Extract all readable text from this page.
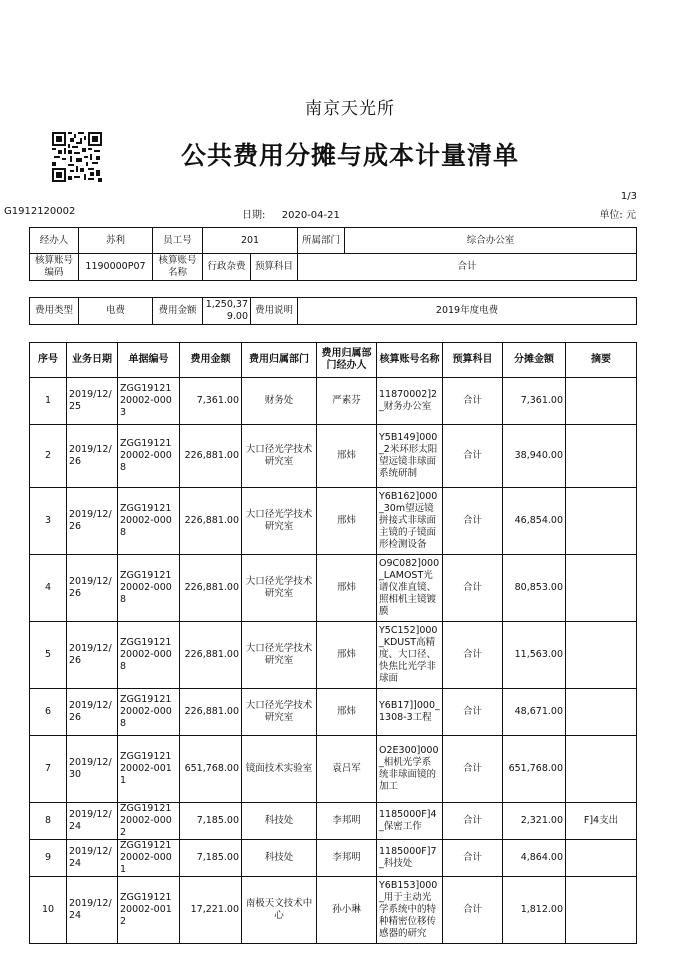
南京天光所
公共费用分摊与成本计量清单
1/3
G1912120002	日期: 2020-04-21	单位: 元
经办人	苏利	员工号	201		所属部门	综合办公室
核算账号编码	1190000P07	核算账号名称	行政杂费	预算科目	合计	
费用类型	电费	费用金额	1,250,379.00	费用说明	2019年度电费
序号	业务日期	单据编号	费用金额	费用归属部门	费用归属部门经办人	核算账号名称	预算科目	分摊金额	摘要
1	2019/12/25	ZGG1912120002-0003	7,361.00	财务处	严素芬	11870002]2_财务办公室	合计	7,361.00	
2	2019/12/26	ZGG1912120002-0008	226,881.00	大口径光学技术研究室	邢炜	Y5B149]000_2米环形太阳望远镜非球面系统研制	合计	38,940.00	
3	2019/12/26	ZGG1912120002-0008	226,881.00	大口径光学技术研究室	邢炜	Y6B162]000_30m望远镜拼接式非球面主镜的子镜面形检测设备	合计	46,854.00	
4	2019/12/26	ZGG1912120002-0008	226,881.00	大口径光学技术研究室	邢炜	O9C082]000_LAMOST光谱仪准直镜、照相机主镜镀膜	合计	80,853.00	
5	2019/12/26	ZGG1912120002-0008	226,881.00	大口径光学技术研究室	邢炜	Y5C152]000_KDUST高精度、大口径、快焦比光学非球面	合计	11,563.00	
6	2019/12/26	ZGG1912120002-0008	226,881.00	大口径光学技术研究室	邢炜	Y6B17]]000_1308-3工程	合计	48,671.00	
7	2019/12/30	ZGG1912120002-0011	651,768.00	镜面技术实验室	袁吕军	O2E300]000_相机光学系统非球面镜的加工	合计	651,768.00	
8	2019/12/24	ZGG1912120002-0002	7,185.00	科技处	李邦明	1185000F]4_保密工作	合计	2,321.00	F]4支出
9	2019/12/24	ZGG1912120002-0001	7,185.00	科技处	李邦明	1185000F]7_科技处	合计	4,864.00	
10	2019/12/24	ZGG1912120002-0012	17,221.00	南极天文技术中心	孙小琳	Y6B153]000_用于主动光学系统中的特种精密位移传感器的研究	合计	1,812.00	
